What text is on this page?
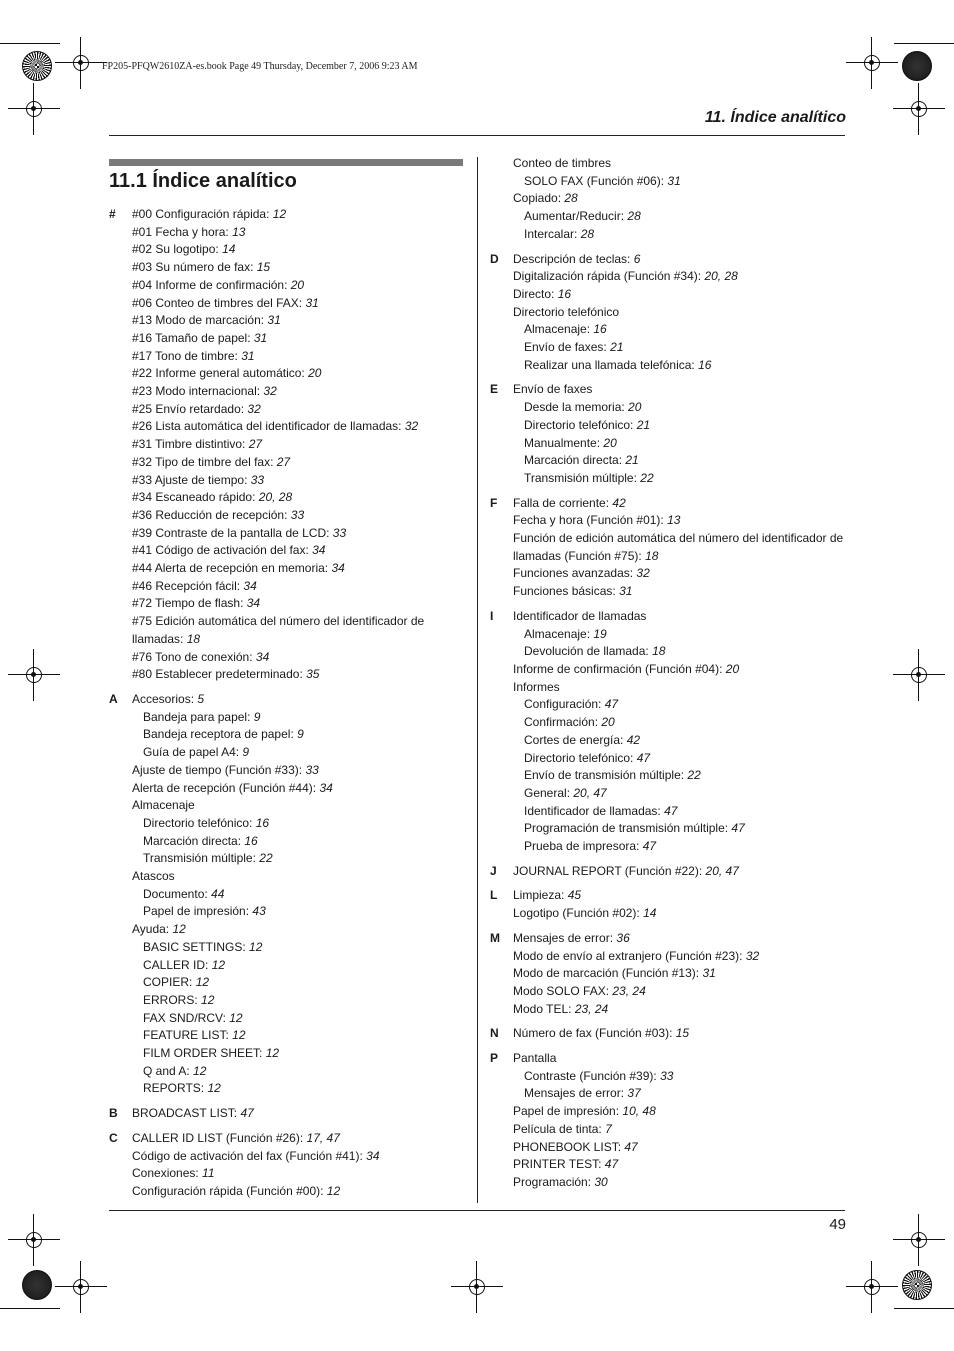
FP205-PFQW2610ZA-es.book Page 49 Thursday, December 7, 2006 9:23 AM
11. Índice analítico
11.1 Índice analítico
# #00 Configuración rápida: 12
#01 Fecha y hora: 13
#02 Su logotipo: 14
#03 Su número de fax: 15
#04 Informe de confirmación: 20
#06 Conteo de timbres del FAX: 31
#13 Modo de marcación: 31
#16 Tamaño de papel: 31
#17 Tono de timbre: 31
#22 Informe general automático: 20
#23 Modo internacional: 32
#25 Envío retardado: 32
#26 Lista automática del identificador de llamadas: 32
#31 Timbre distintivo: 27
#32 Tipo de timbre del fax: 27
#33 Ajuste de tiempo: 33
#34 Escaneado rápido: 20, 28
#36 Reducción de recepción: 33
#39 Contraste de la pantalla de LCD: 33
#41 Código de activación del fax: 34
#44 Alerta de recepción en memoria: 34
#46 Recepción fácil: 34
#72 Tiempo de flash: 34
#75 Edición automática del número del identificador de llamadas: 18
#76 Tono de conexión: 34
#80 Establecer predeterminado: 35
A Accesorios: 5
Bandeja para papel: 9
Bandeja receptora de papel: 9
Guía de papel A4: 9
Ajuste de tiempo (Función #33): 33
Alerta de recepción (Función #44): 34
Almacenaje
Directorio telefónico: 16
Marcación directa: 16
Transmisión múltiple: 22
Atascos
Documento: 44
Papel de impresión: 43
Ayuda: 12
BASIC SETTINGS: 12
CALLER ID: 12
COPIER: 12
ERRORS: 12
FAX SND/RCV: 12
FEATURE LIST: 12
FILM ORDER SHEET: 12
Q and A: 12
REPORTS: 12
B BROADCAST LIST: 47
C CALLER ID LIST (Función #26): 17, 47
Código de activación del fax (Función #41): 34
Conexiones: 11
Configuración rápida (Función #00): 12
Conteo de timbres
SOLO FAX (Función #06): 31
Copiado: 28
Aumentar/Reducir: 28
Intercalar: 28
D Descripción de teclas: 6
Digitalización rápida (Función #34): 20, 28
Directo: 16
Directorio telefónico
Almacenaje: 16
Envío de faxes: 21
Realizar una llamada telefónica: 16
E Envío de faxes
Desde la memoria: 20
Directorio telefónico: 21
Manualmente: 20
Marcación directa: 21
Transmisión múltiple: 22
F Falla de corriente: 42
Fecha y hora (Función #01): 13
Función de edición automática del número del identificador de llamadas (Función #75): 18
Funciones avanzadas: 32
Funciones básicas: 31
I Identificador de llamadas
Almacenaje: 19
Devolución de llamada: 18
Informe de confirmación (Función #04): 20
Informes
Configuración: 47
Confirmación: 20
Cortes de energía: 42
Directorio telefónico: 47
Envío de transmisión múltiple: 22
General: 20, 47
Identificador de llamadas: 47
Programación de transmisión múltiple: 47
Prueba de impresora: 47
J JOURNAL REPORT (Función #22): 20, 47
L Limpieza: 45
Logotipo (Función #02): 14
M Mensajes de error: 36
Modo de envío al extranjero (Función #23): 32
Modo de marcación (Función #13): 31
Modo SOLO FAX: 23, 24
Modo TEL: 23, 24
N Número de fax (Función #03): 15
P Pantalla
Contraste (Función #39): 33
Mensajes de error: 37
Papel de impresión: 10, 48
Película de tinta: 7
PHONEBOOK LIST: 47
PRINTER TEST: 47
Programación: 30
49
